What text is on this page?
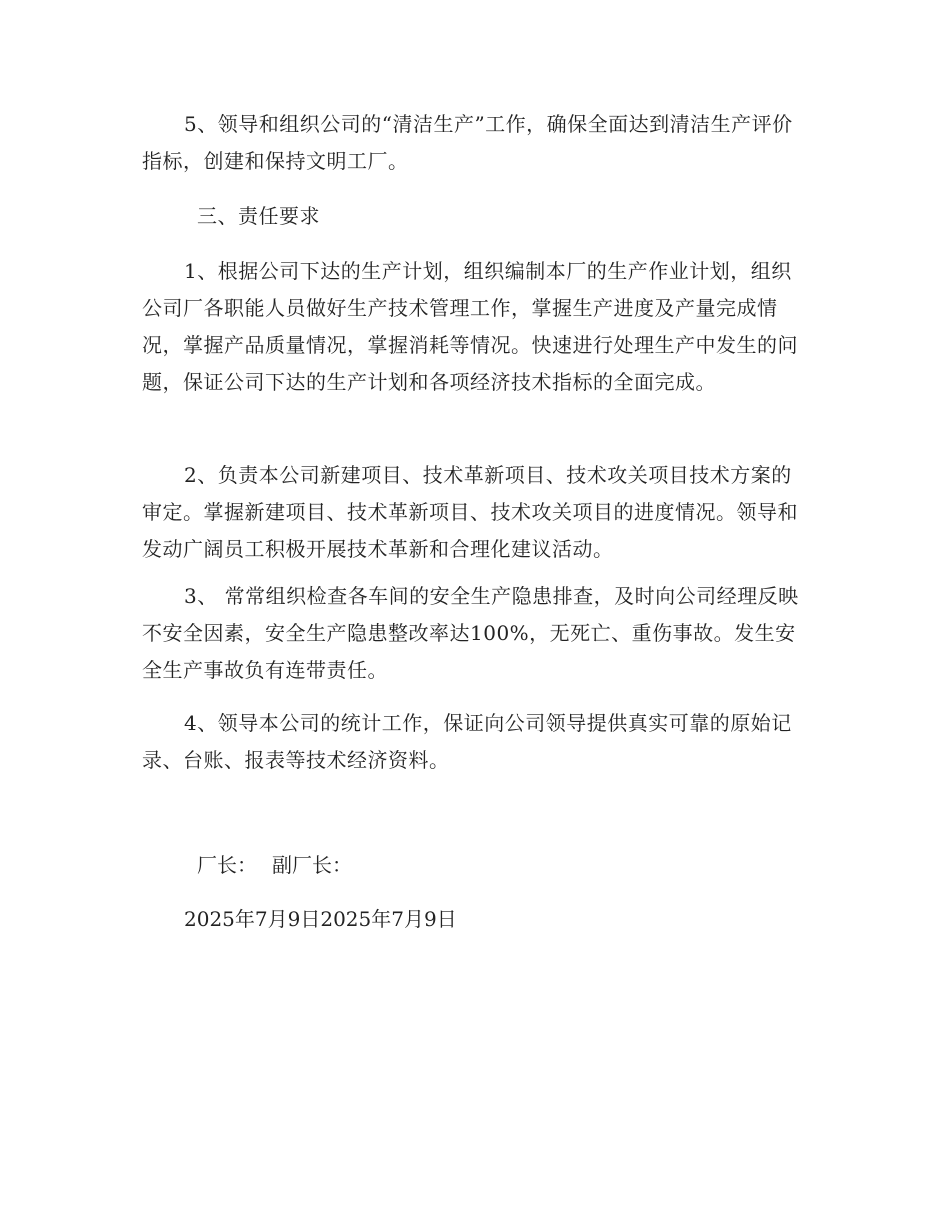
5、领导和组织公司的“清洁生产”工作，确保全面达到清洁生产评价指标，创建和保持文明工厂。

三、责任要求

1、根据公司下达的生产计划，组织编制本厂的生产作业计划，组织公司厂各职能人员做好生产技术管理工作，掌握生产进度及产量完成情况，掌握产品质量情况，掌握消耗等情况。快速进行处理生产中发生的问题，保证公司下达的生产计划和各项经济技术指标的全面完成。

2、负责本公司新建项目、技术革新项目、技术攻关项目技术方案的审定。掌握新建项目、技术革新项目、技术攻关项目的进度情况。领导和发动广阔员工积极开展技术革新和合理化建议活动。

3、 常常组织检查各车间的安全生产隐患排查，及时向公司经理反映不安全因素，安全生产隐患整改率达100%，无死亡、重伤事故。发生安全生产事故负有连带责任。

4、领导本公司的统计工作，保证向公司领导提供真实可靠的原始记录、台账、报表等技术经济资料。

厂长： 副厂长：

2025年7月9日2025年7月9日
